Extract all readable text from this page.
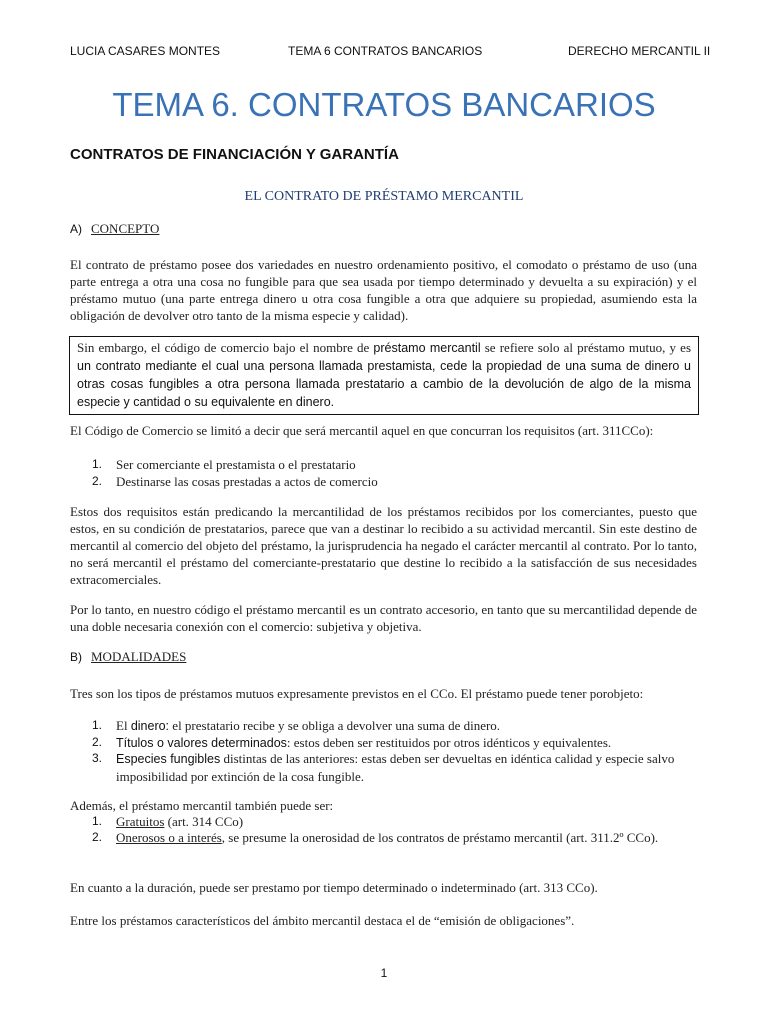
LUCIA CASARES MONTES	TEMA 6 CONTRATOS BANCARIOS	DERECHO MERCANTIL II
TEMA 6. CONTRATOS BANCARIOS
CONTRATOS DE FINANCIACIÓN Y GARANTÍA
EL CONTRATO DE PRÉSTAMO MERCANTIL
A) CONCEPTO
El contrato de préstamo posee dos variedades en nuestro ordenamiento positivo, el comodato o préstamo de uso (una parte entrega a otra una cosa no fungible para que sea usada por tiempo determinado y devuelta a su expiración) y el préstamo mutuo (una parte entrega dinero u otra cosa fungible a otra que adquiere su propiedad, asumiendo esta la obligación de devolver otro tanto de la misma especie y calidad).
Sin embargo, el código de comercio bajo el nombre de préstamo mercantil se refiere solo al préstamo mutuo, y es un contrato mediante el cual una persona llamada prestamista, cede la propiedad de una suma de dinero u otras cosas fungibles a otra persona llamada prestatario a cambio de la devolución de algo de la misma especie y cantidad o su equivalente en dinero.
El Código de Comercio se limitó a decir que será mercantil aquel en que concurran los requisitos (art. 311CCo):
1.	Ser comerciante el prestamista o el prestatario
2.	Destinarse las cosas prestadas a actos de comercio
Estos dos requisitos están predicando la mercantilidad de los préstamos recibidos por los comerciantes, puesto que estos, en su condición de prestatarios, parece que van a destinar lo recibido a su actividad mercantil. Sin este destino de mercantil al comercio del objeto del préstamo, la jurisprudencia ha negado el carácter mercantil al contrato. Por lo tanto, no será mercantil el préstamo del comerciante-prestatario que destine lo recibido a la satisfacción de sus necesidades extracomerciales.
Por lo tanto, en nuestro código el préstamo mercantil es un contrato accesorio, en tanto que su mercantilidad depende de una doble necesaria conexión con el comercio: subjetiva y objetiva.
B) MODALIDADES
Tres son los tipos de préstamos mutuos expresamente previstos en el CCo. El préstamo puede tener porobjeto:
1.	El dinero: el prestatario recibe y se obliga a devolver una suma de dinero.
2.	Títulos o valores determinados: estos deben ser restituidos por otros idénticos y equivalentes.
3.	Especies fungibles distintas de las anteriores: estas deben ser devueltas en idéntica calidad y especie salvo imposibilidad por extinción de la cosa fungible.
Además, el préstamo mercantil también puede ser:
1.	Gratuitos (art. 314 CCo)
2.	Onerosos o a interés, se presume la onerosidad de los contratos de préstamo mercantil (art. 311.2º CCo).
En cuanto a la duración, puede ser prestamo por tiempo determinado o indeterminado (art. 313 CCo).
Entre los préstamos característicos del ámbito mercantil destaca el de “emisión de obligaciones”.
1
